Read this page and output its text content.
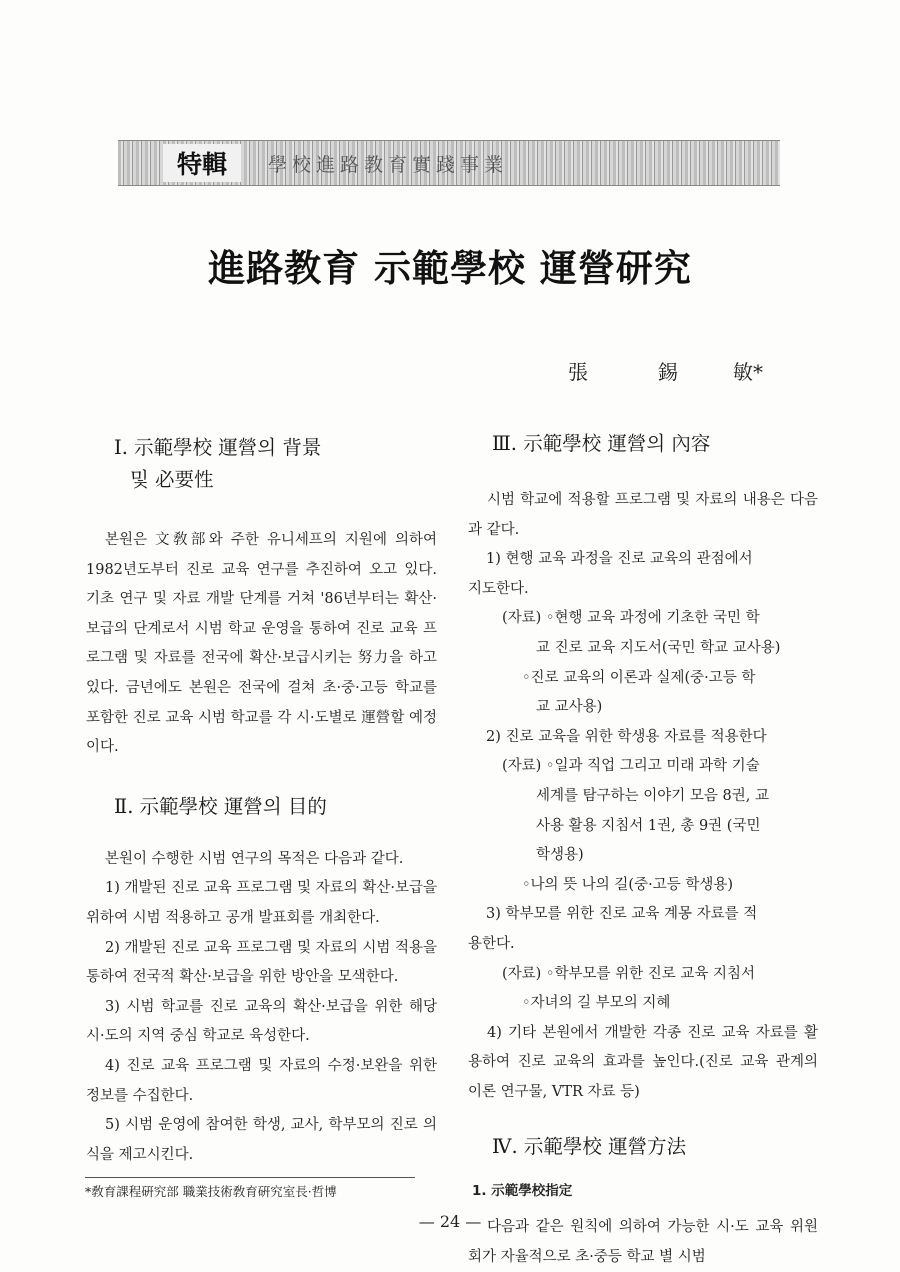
特輯	學校進路教育實踐事業
進路教育 示範學校 運營研究
張	錫	敏*
Ⅰ. 示範學校 運營의 背景
및 必要性
본원은 文敎部와 주한 유니세프의 지원에 의하여 1982년도부터 진로 교육 연구를 추진하여 오고 있다. 기초 연구 및 자료 개발 단계를 거쳐 '86년부터는 확산·보급의 단계로서 시범 학교 운영을 통하여 진로 교육 프로그램 및 자료를 전국에 확산·보급시키는 努力을 하고 있다. 금년에도 본원은 전국에 걸쳐 초·중·고등 학교를 포함한 진로 교육 시범 학교를 각 시·도별로 運營할 예정이다.
Ⅱ. 示範學校 運營의 目的
본원이 수행한 시범 연구의 목적은 다음과 같다.
1) 개발된 진로 교육 프로그램 및 자료의 확산·보급을 위하여 시범 적용하고 공개 발표회를 개최한다.
2) 개발된 진로 교육 프로그램 및 자료의 시범 적용을 통하여 전국적 확산·보급을 위한 방안을 모색한다.
3) 시범 학교를 진로 교육의 확산·보급을 위한 해당 시·도의 지역 중심 학교로 육성한다.
4) 진로 교육 프로그램 및 자료의 수정·보완을 위한 정보를 수집한다.
5) 시범 운영에 참여한 학생, 교사, 학부모의 진로 의식을 제고시킨다.
Ⅲ. 示範學校 運營의 內容
시범 학교에 적용할 프로그램 및 자료의 내용은 다음과 같다.
1) 현행 교육 과정을 진로 교육의 관점에서
지도한다.
(자료) ◦현행 교육 과정에 기초한 국민 학
교 진로 교육 지도서(국민 학교 교사용)
◦진로 교육의 이론과 실제(중·고등 학
교 교사용)
2) 진로 교육을 위한 학생용 자료를 적용한다
(자료) ◦일과 직업 그리고 미래 과학 기술
세계를 탐구하는 이야기 모음 8권, 교
사용 활용 지침서 1권, 총 9권 (국민
학생용)
◦나의 뜻 나의 길(중·고등 학생용)
3) 학부모를 위한 진로 교육 계몽 자료를 적
용한다.
(자료) ◦학부모를 위한 진로 교육 지침서
◦자녀의 길 부모의 지혜
4) 기타 본원에서 개발한 각종 진로 교육 자료를 활용하여 진로 교육의 효과를 높인다.(진로 교육 관계의 이론 연구물, VTR 자료 등)
Ⅳ. 示範學校 運營方法
1. 示範學校指定
다음과 같은 원칙에 의하여 가능한 시·도 교육 위원회가 자율적으로 초·중등 학교 별 시범
*敎育課程硏究部 職業技術敎育硏究室長·哲博
— 24 —
